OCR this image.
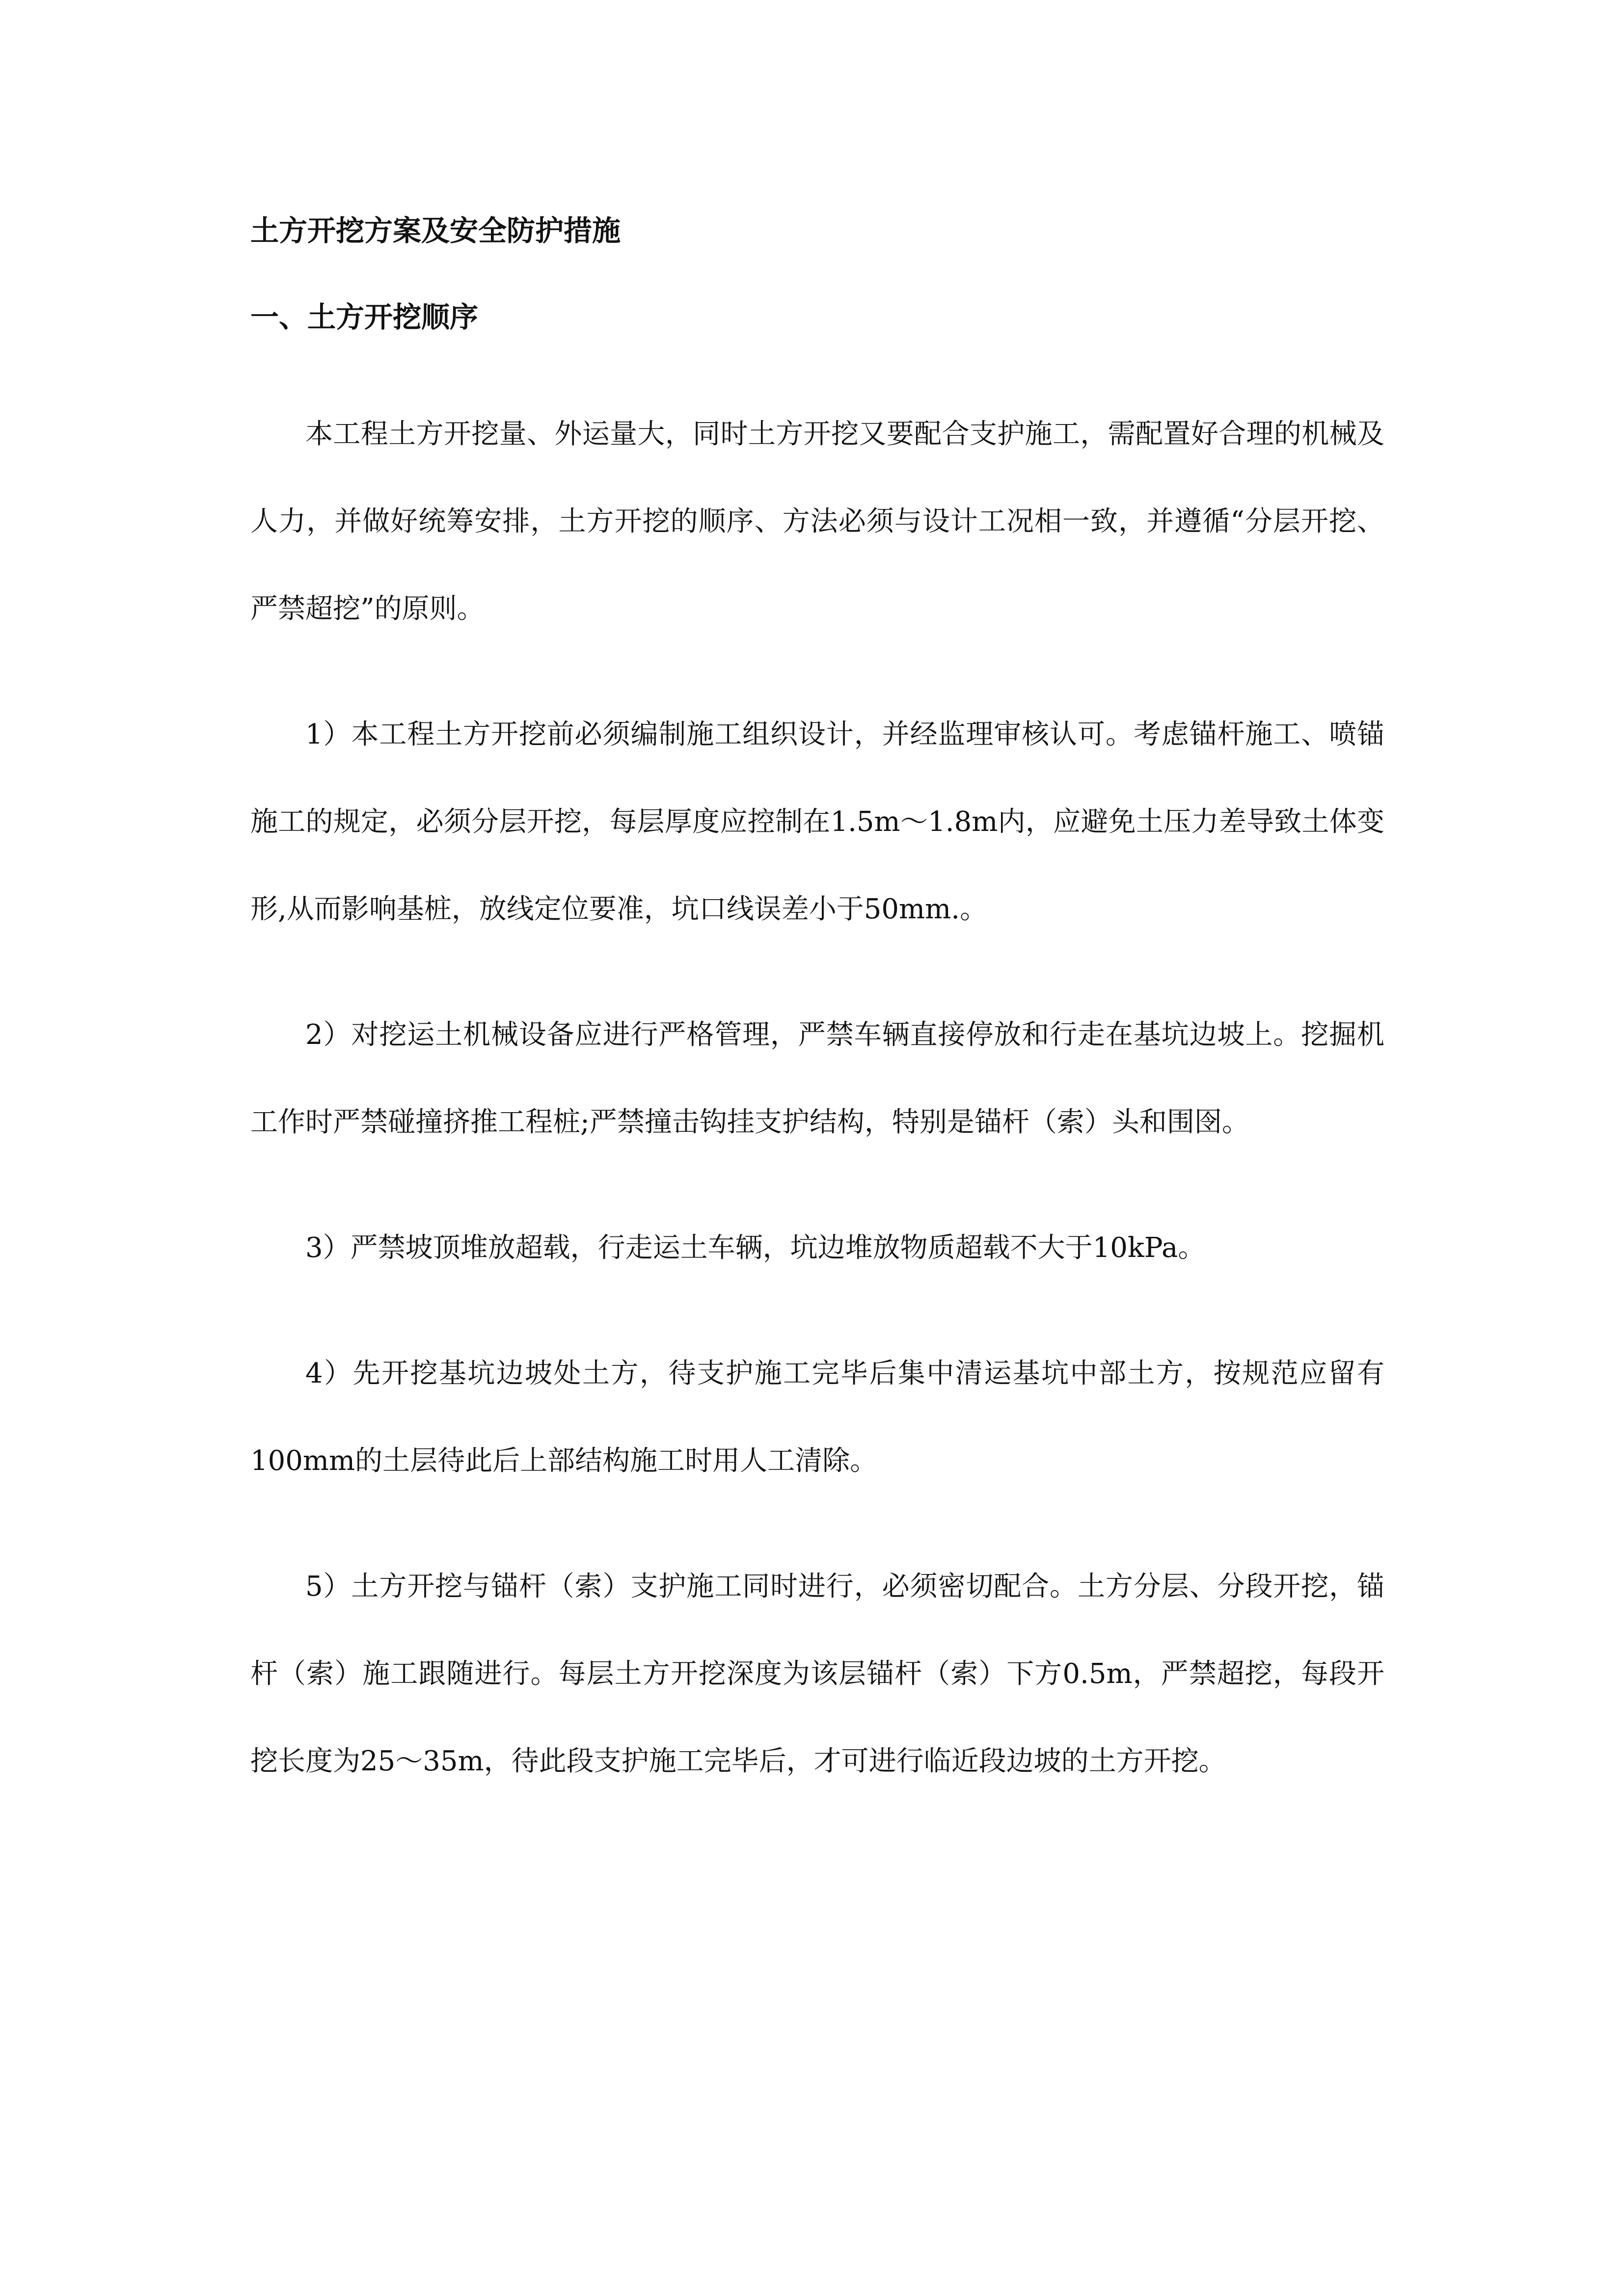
土方开挖方案及安全防护措施
一、土方开挖顺序

本工程土方开挖量、外运量大，同时土方开挖又要配合支护施工，需配置好合理的机械及人力，并做好统筹安排，土方开挖的顺序、方法必须与设计工况相一致，并遵循“分层开挖、严禁超挖”的原则。

1）本工程土方开挖前必须编制施工组织设计，并经监理审核认可。考虑锚杆施工、喷锚施工的规定，必须分层开挖，每层厚度应控制在1.5m～1.8m内，应避免土压力差导致土体变形,从而影响基桩，放线定位要准，坑口线误差小于50mm.。

2）对挖运土机械设备应进行严格管理，严禁车辆直接停放和行走在基坑边坡上。挖掘机工作时严禁碰撞挤推工程桩;严禁撞击钩挂支护结构，特别是锚杆（索）头和围囹。

3）严禁坡顶堆放超载，行走运土车辆，坑边堆放物质超载不大于10kPa。

4）先开挖基坑边坡处土方，待支护施工完毕后集中清运基坑中部土方，按规范应留有100mm的土层待此后上部结构施工时用人工清除。

5）土方开挖与锚杆（索）支护施工同时进行，必须密切配合。土方分层、分段开挖，锚杆（索）施工跟随进行。每层土方开挖深度为该层锚杆（索）下方0.5m，严禁超挖，每段开挖长度为25～35m，待此段支护施工完毕后，才可进行临近段边坡的土方开挖。
